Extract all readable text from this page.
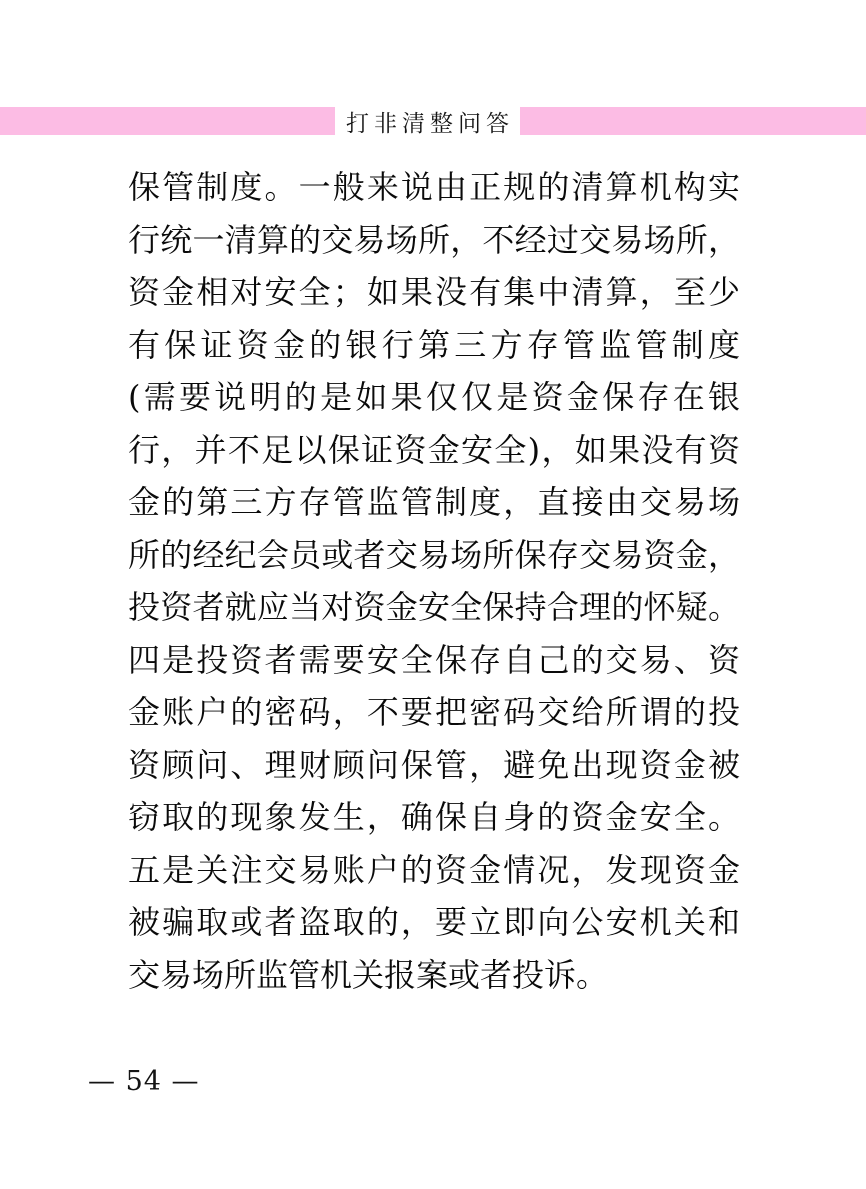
打非清整问答
保管制度。一般来说由正规的清算机构实
行统一清算的交易场所，不经过交易场所，
资金相对安全；如果没有集中清算，至少
有保证资金的银行第三方存管监管制度
(需要说明的是如果仅仅是资金保存在银
行，并不足以保证资金安全)，如果没有资
金的第三方存管监管制度，直接由交易场
所的经纪会员或者交易场所保存交易资金，
投资者就应当对资金安全保持合理的怀疑。
四是投资者需要安全保存自己的交易、资
金账户的密码，不要把密码交给所谓的投
资顾问、理财顾问保管，避免出现资金被
窃取的现象发生，确保自身的资金安全。
五是关注交易账户的资金情况，发现资金
被骗取或者盗取的，要立即向公安机关和
交易场所监管机关报案或者投诉。
— 54 —
